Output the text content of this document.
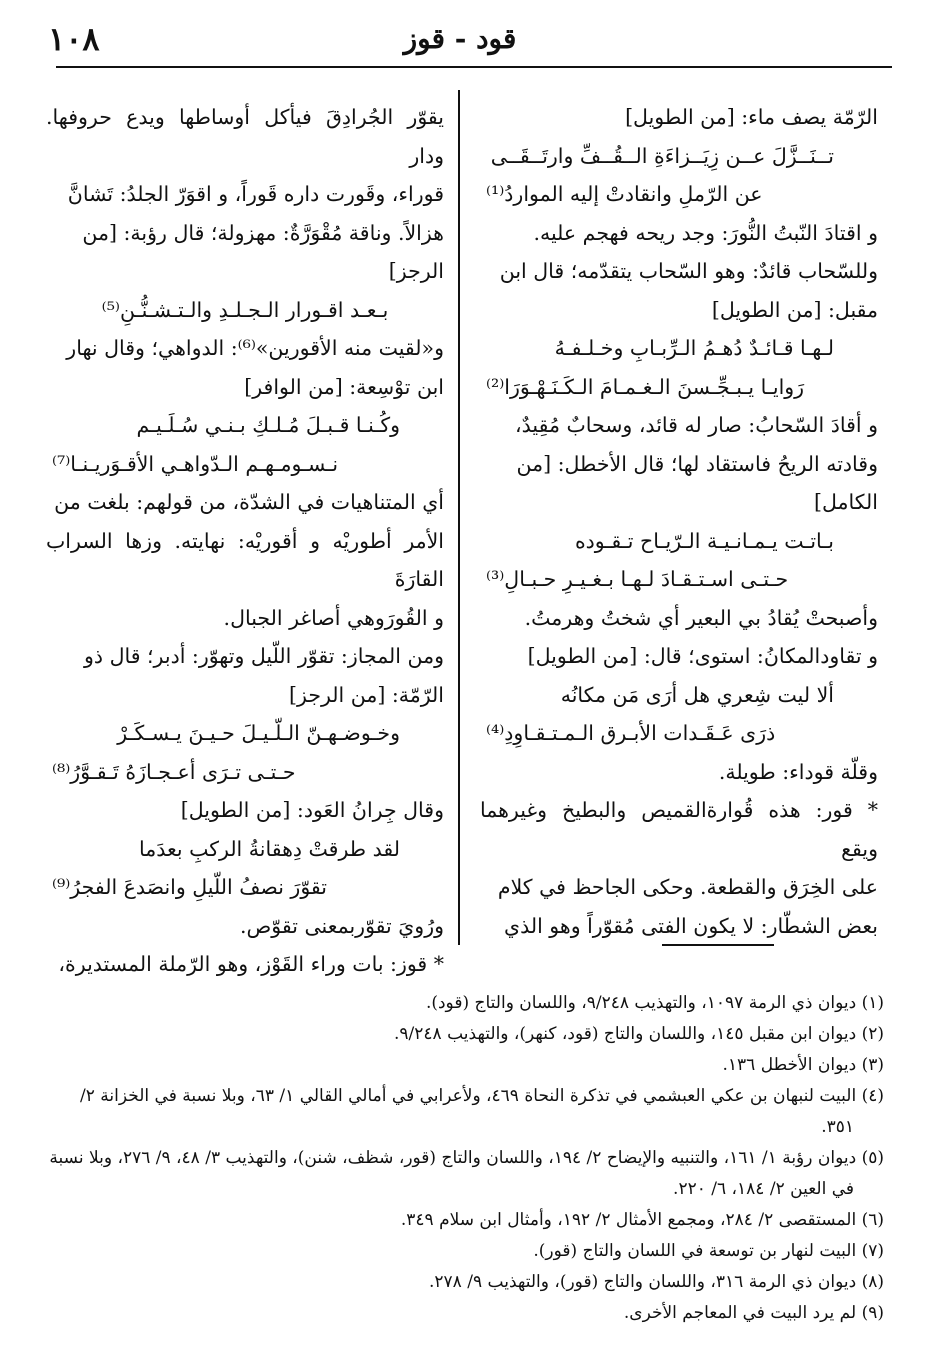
١٠٨	قود - قوز

الرّمّة يصف ماء: [من الطويل]

تــنَــزَّلَ عــن زِيَــزاءَةِ الــقُــفِّ وارتَــقَــى

عن الرّملِ وانقادتْ إليه المواردُ⁽¹⁾

و اقتادَ النّبتُ النُّورَ: وجد ريحه فهجم عليه.

وللسّحاب قائدٌ: وهو السّحاب يتقدّمه؛ قال ابن

مقبل: [من الطويل]

لـهـا قـائـدٌ دُهـمُ الـرِّبـابِ وخـلـفـهُ

رَوايـا يـبـجِّـسنَ الـغـمـامَ الـكَـنَـهْـوَرَا⁽²⁾

و أقادَ السّحابُ: صار له قائد، وسحابٌ مُقِيدٌ،

وقادته الريحُ فاستقاد لها؛ قال الأخطل: [من

الكامل]

بـاتـت يـمـانـيـة الـرّيـاح تـقـوده

حـتـى اسـتـقـادَ لـهـا بـغـيـرِ حـبـالِ⁽³⁾

وأصبحتْ يُقادُ بي البعير أي شختُ وهرمتُ.

و تقاودالمكانُ: استوى؛ قال: [من الطويل]

ألا ليت شِعري هل أرَى مَن مكانُه

ذرَى عَـقَـدات الأبـرق الـمـتـقـاوِدِ⁽⁴⁾

وقلّة قوداء: طويلة.

* قور: هذه قُوارةالقميص والبطيخ وغيرهما ويقع

على الخِرَق والقطعة. وحكى الجاحظ في كلام

بعض الشطّار: لا يكون الفتى مُقوّراً وهو الذي

يقوّر الجُرادِقَ فيأكل أوساطها ويدع حروفها. ودار

قوراء، وقَورت داره قَوراً، و اقوَرّ الجلدُ: تَشانَّ

هزالاً. وناقة مُقْوَرَّةٌ: مهزولة؛ قال رؤبة: [من

الرجز]

بـعـد اقـورار الـجـلـدِ والـتـشـنُّـنِ⁽⁵⁾

و«لقيت منه الأقورين»⁽⁶⁾: الدواهي؛ وقال نهار

ابن توْسِعة: [من الوافر]

وكُـنـا قـبـلَ مُـلـكِ بـنـي سُـلَـيـم

نـسـومـهـم الـدّواهـي الأقـوَريـنـا⁽⁷⁾

أي المتناهيات في الشدّة، من قولهم: بلغت من

الأمر أطوريْه و أقوريْه: نهايته. وزها السراب القارَةَ

و القُورَوهي أصاغر الجبال.

ومن المجاز: تقوّر اللّيل وتهوّر: أدبر؛ قال ذو

الرّمّة: [من الرجز]

وخـوضـهـنّ الـلّـيـلَ حـيـنَ يـسـكَـرْ

حـتـى تـرَى أعـجـازَهُ تَـقـوَّرُ⁽⁸⁾

وقال جِرانُ العَود: [من الطويل]

لقد طرقتْ دِهقانةُ الركبِ بعدَما

تقوّرَ نصفُ اللّيلِ وانصَدعَ الفجرُ⁽⁹⁾

ورُويَ تقوّربمعنى تقوّص.

* قوز: بات وراء القَوْز، وهو الرّملة المستديرة،

(١) ديوان ذي الرمة ١٠٩٧، والتهذيب ٩/٢٤٨، واللسان والتاج (قود).

(٢) ديوان ابن مقبل ١٤٥، واللسان والتاج (قود، كنهر)، والتهذيب ٩/٢٤٨.

(٣) ديوان الأخطل ١٣٦.

(٤) البيت لنبهان بن عكي العبشمي في تذكرة النحاة ٤٦٩، ولأعرابي في أمالي القالي ١/ ٦٣، وبلا نسبة في الخزانة ٢/ ٣٥١.

(٥) ديوان رؤبة ١/ ١٦١، والتنبيه والإيضاح ٢/ ١٩٤، واللسان والتاج (قور، شظف، شنن)، والتهذيب ٣/ ٤٨، ٩/ ٢٧٦، وبلا نسبة في العين ٢/ ١٨٤، ٦/ ٢٢٠.

(٦) المستقصى ٢/ ٢٨٤، ومجمع الأمثال ٢/ ١٩٢، وأمثال ابن سلام ٣٤٩.

(٧) البيت لنهار بن توسعة في اللسان والتاج (قور).

(٨) ديوان ذي الرمة ٣١٦، واللسان والتاج (قور)، والتهذيب ٩/ ٢٧٨.

(٩) لم يرد البيت في المعاجم الأخرى.
